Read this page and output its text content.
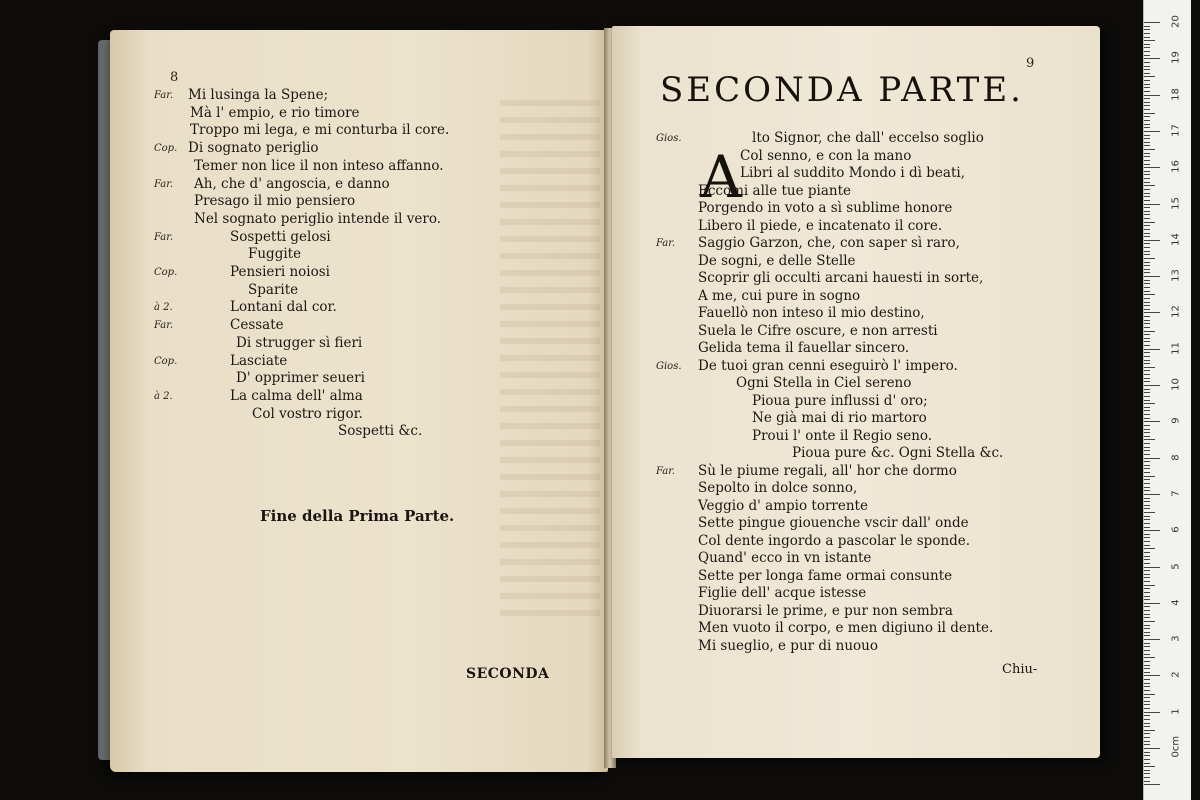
8
Far. Mi lusinga la Spene;
Mà l' empio, e rio timore
Troppo mi lega, e mi conturba il core.
Cop. Di sognato periglio
Temer non lice il non inteso affanno.
Far. Ah, che d' angoscia, e danno
Presago il mio pensiero
Nel sognato periglio intende il vero.
Far.	Sospetti gelosi
Fuggite
Cop.	Pensieri noiosi
Sparite
à 2.	Lontani dal cor.
Far.	Cessate
Di strugger sì fieri
Cop.	Lasciate
D' opprimer seueri
à 2.	La calma dell' alma
Col vostro rigor.
Sospetti &c.
Fine della Prima Parte.
SECONDA
9
SECONDA PARTE.
A
Gios.	lto Signor, che dall' eccelso soglio
Col senno, e con la mano
Libri al suddito Mondo i dì beati,
Eccomi alle tue piante
Porgendo in voto a sì sublime honore
Libero il piede, e incatenato il core.
Far. Saggio Garzon, che, con saper sì raro,
De sogni, e delle Stelle
Scoprir gli occulti arcani hauesti in sorte,
A me, cui pure in sogno
Fauellò non inteso il mio destino,
Suela le Cifre oscure, e non arresti
Gelida tema il fauellar sincero.
Gios. De tuoi gran cenni eseguirò l' impero.
Ogni Stella in Ciel sereno
Pioua pure influssi d' oro;
Ne già mai di rio martoro
Proui l' onte il Regio seno.
Pioua pure &c. Ogni Stella &c.
Far. Sù le piume regali, all' hor che dormo
Sepolto in dolce sonno,
Veggio d' ampio torrente
Sette pingue giouenche vscir dall' onde
Col dente ingordo a pascolar le sponde.
Quand' ecco in vn istante
Sette per longa fame ormai consunte
Figlie dell' acque istesse
Diuorarsi le prime, e pur non sembra
Men vuoto il corpo, e men digiuno il dente.
Mi sueglio, e pur di nuouo
Chiu-
20
19
18
17
16
15
14
13
12
11
10
9
8
7
6
5
4
3
2
1
0cm
